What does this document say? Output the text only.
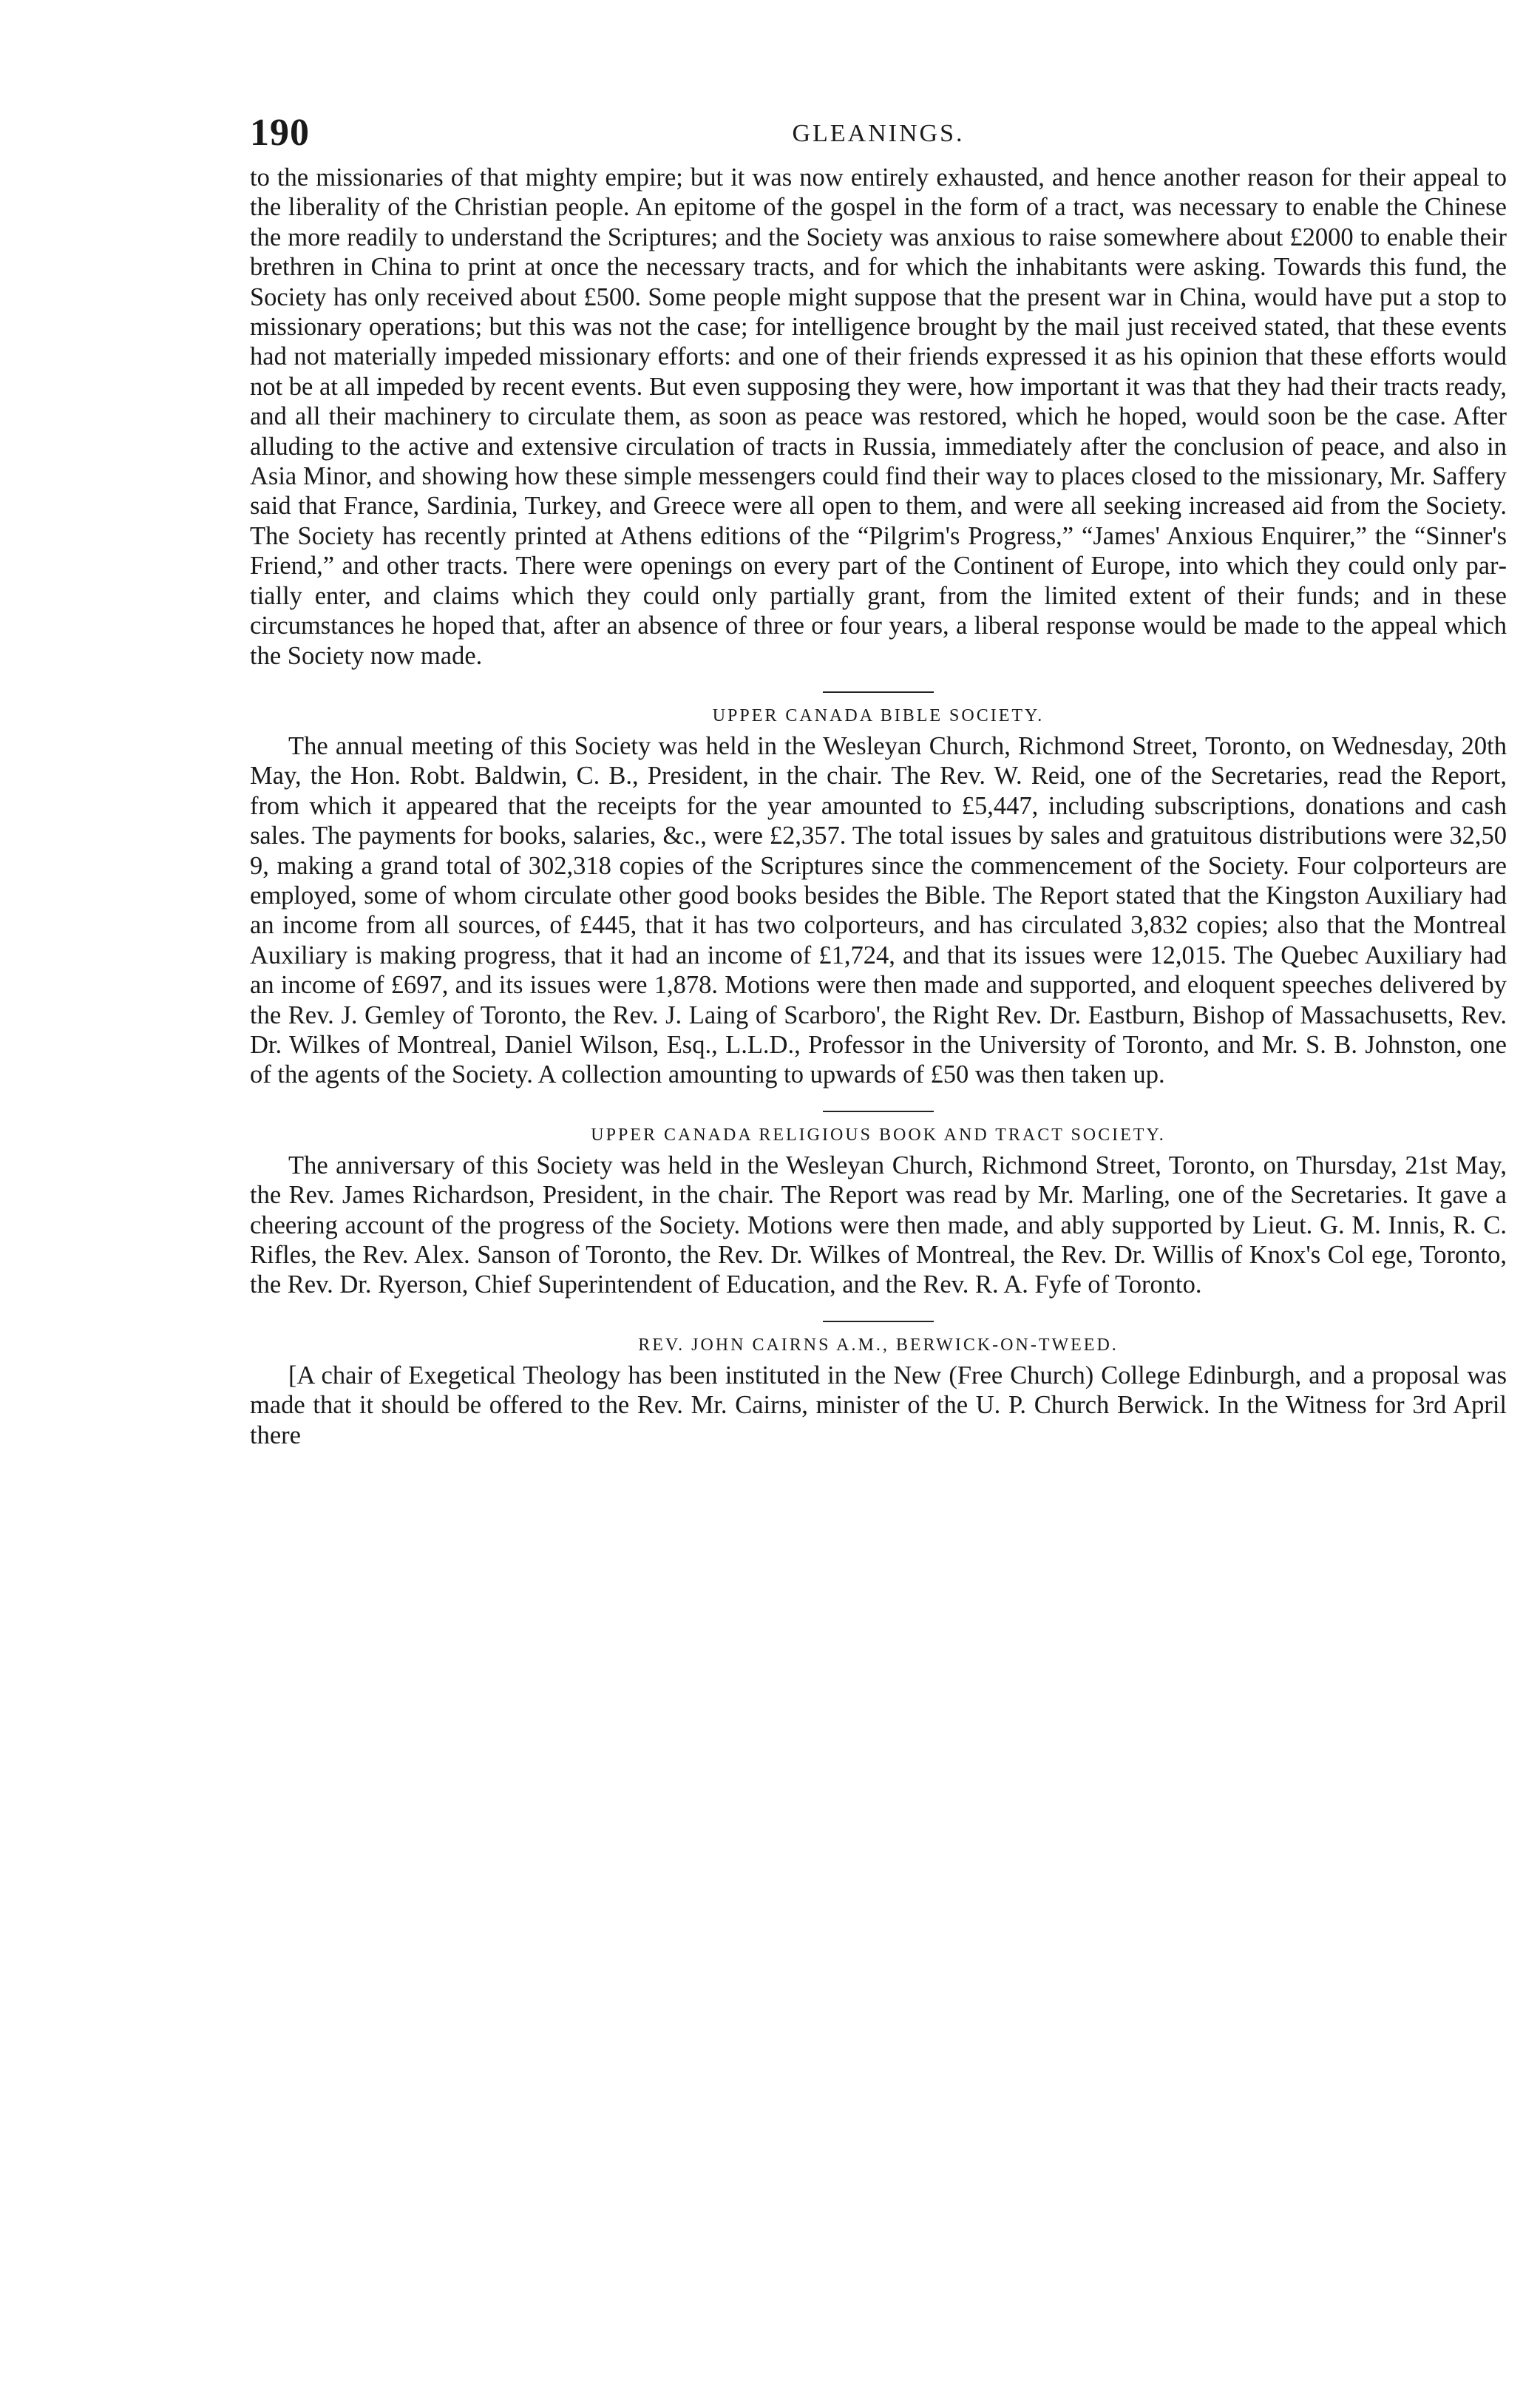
190	GLEANINGS.

to the missionaries of that mighty empire; but it was now entirely exhausted, and hence another reason for their appeal to the liberality of the Christian people. An epitome of the gospel in the form of a tract, was necessary to enable the Chinese the more readily to understand the Scriptures; and the Society was anxious to raise somewhere about £2000 to enable their brethren in China to print at once the necessary tracts, and for which the inhabitants were asking. Towards this fund, the Society has only received about £500. Some people might suppose that the present war in China, would have put a stop to missionary operations; but this was not the case; for intelligence brought by the mail just received stated, that these events had not materially impeded missionary efforts: and one of their friends expressed it as his opinion that these efforts would not be at all impeded by recent events. But even supposing they were, how important it was that they had their tracts ready, and all their machinery to circulate them, as soon as peace was restored, which he hoped, would soon be the case. After alluding to the active and extensive circulation of tracts in Russia, immediately after the conclusion of peace, and also in Asia Minor, and showing how these simple messengers could find their way to places closed to the missionary, Mr. Saffery said that France, Sardinia, Turkey, and Greece were all open to them, and were all seeking increased aid from the Society. The Society has recently printed at Athens editions of the “Pilgrim's Progress,” “James' Anxious Enquirer,” the “Sinner's Friend,” and other tracts. There were openings on every part of the Continent of Europe, into which they could only partially enter, and claims which they could only partially grant, from the limited extent of their funds; and in these circumstances he hoped that, after an absence of three or four years, a liberal response would be made to the appeal which the Society now made.

UPPER CANADA BIBLE SOCIETY.

The annual meeting of this Society was held in the Wesleyan Church, Richmond Street, Toronto, on Wednesday, 20th May, the Hon. Robt. Baldwin, C. B., President, in the chair. The Rev. W. Reid, one of the Secretaries, read the Report, from which it appeared that the receipts for the year amounted to £5,447, including subscriptions, donations and cash sales. The payments for books, salaries, &c., were £2,357. The total issues by sales and gratuitous distributions were 32,50 9, making a grand total of 302,318 copies of the Scriptures since the commencement of the Society. Four colporteurs are employed, some of whom circulate other good books besides the Bible. The Report stated that the Kingston Auxiliary had an income from all sources, of £445, that it has two colporteurs, and has circulated 3,832 copies; also that the Montreal Auxiliary is making progress, that it had an income of £1,724, and that its issues were 12,015. The Quebec Auxiliary had an income of £697, and its issues were 1,878. Motions were then made and supported, and eloquent speeches delivered by the Rev. J. Gemley of Toronto, the Rev. J. Laing of Scarboro', the Right Rev. Dr. Eastburn, Bishop of Massachusetts, Rev. Dr. Wilkes of Montreal, Daniel Wilson, Esq., L.L.D., Professor in the University of Toronto, and Mr. S. B. Johnston, one of the agents of the Society. A collection amounting to upwards of £50 was then taken up.

UPPER CANADA RELIGIOUS BOOK AND TRACT SOCIETY.

The anniversary of this Society was held in the Wesleyan Church, Richmond Street, Toronto, on Thursday, 21st May, the Rev. James Richardson, President, in the chair. The Report was read by Mr. Marling, one of the Secretaries. It gave a cheering account of the progress of the Society. Motions were then made, and ably supported by Lieut. G. M. Innis, R. C. Rifles, the Rev. Alex. Sanson of Toronto, the Rev. Dr. Wilkes of Montreal, the Rev. Dr. Willis of Knox's Col ege, Toronto, the Rev. Dr. Ryerson, Chief Superintendent of Education, and the Rev. R. A. Fyfe of Toronto.

REV. JOHN CAIRNS A.M., BERWICK-ON-TWEED.

[A chair of Exegetical Theology has been instituted in the New (Free Church) College Edinburgh, and a proposal was made that it should be offered to the Rev. Mr. Cairns, minister of the U. P. Church Berwick. In the Witness for 3rd April there
